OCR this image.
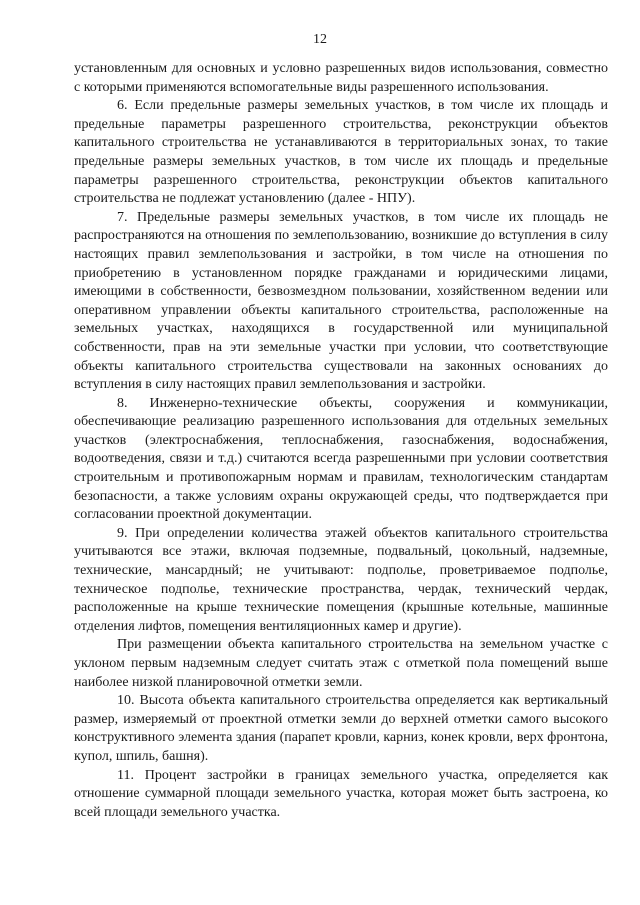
12

установленным для основных и условно разрешенных видов использования, совместно с которыми применяются вспомогательные виды разрешенного использования.

6. Если предельные размеры земельных участков, в том числе их площадь и предельные параметры разрешенного строительства, реконструкции объектов капитального строительства не устанавливаются в территориальных зонах, то такие предельные размеры земельных участков, в том числе их площадь и предельные параметры разрешенного строительства, реконструкции объектов капитального строительства не подлежат установлению (далее - НПУ).

7. Предельные размеры земельных участков, в том числе их площадь не распространяются на отношения по землепользованию, возникшие до вступления в силу настоящих правил землепользования и застройки, в том числе на отношения по приобретению в установленном порядке гражданами и юридическими лицами, имеющими в собственности, безвозмездном пользовании, хозяйственном ведении или оперативном управлении объекты капитального строительства, расположенные на земельных участках, находящихся в государственной или муниципальной собственности, прав на эти земельные участки при условии, что соответствующие объекты капитального строительства существовали на законных основаниях до вступления в силу настоящих правил землепользования и застройки.

8. Инженерно-технические объекты, сооружения и коммуникации, обеспечивающие реализацию разрешенного использования для отдельных земельных участков (электроснабжения, теплоснабжения, газоснабжения, водоснабжения, водоотведения, связи и т.д.) считаются всегда разрешенными при условии соответствия строительным и противопожарным нормам и правилам, технологическим стандартам безопасности, а также условиям охраны окружающей среды, что подтверждается при согласовании проектной документации.

9. При определении количества этажей объектов капитального строительства учитываются все этажи, включая подземные, подвальный, цокольный, надземные, технические, мансардный; не учитывают: подполье, проветриваемое подполье, техническое подполье, технические пространства, чердак, технический чердак, расположенные на крыше технические помещения (крышные котельные, машинные отделения лифтов, помещения вентиляционных камер и другие).

При размещении объекта капитального строительства на земельном участке с уклоном первым надземным следует считать этаж с отметкой пола помещений выше наиболее низкой планировочной отметки земли.

10. Высота объекта капитального строительства определяется как вертикальный размер, измеряемый от проектной отметки земли до верхней отметки самого высокого конструктивного элемента здания (парапет кровли, карниз, конек кровли, верх фронтона, купол, шпиль, башня).

11. Процент застройки в границах земельного участка, определяется как отношение суммарной площади земельного участка, которая может быть застроена, ко всей площади земельного участка.
